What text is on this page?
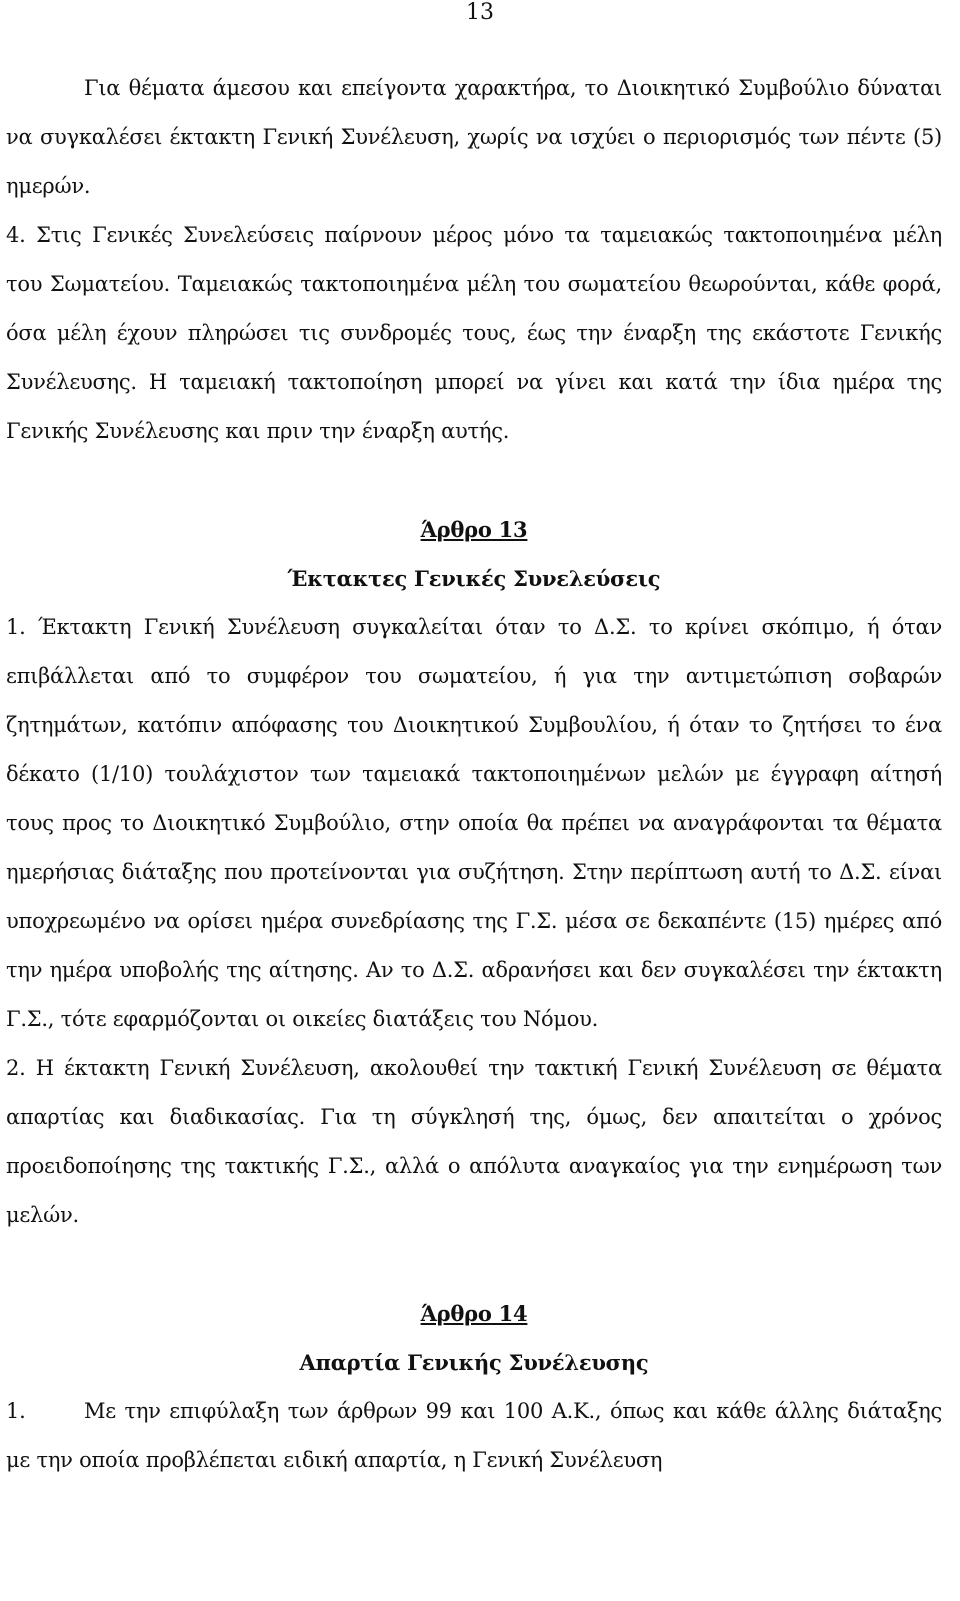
13

Για θέματα άμεσου και επείγοντα χαρακτήρα, το Διοικητικό Συμβούλιο δύναται να συγκαλέσει έκτακτη Γενική Συνέλευση, χωρίς να ισχύει ο περιορισμός των πέντε (5) ημερών.

4. Στις Γενικές Συνελεύσεις παίρνουν μέρος μόνο τα ταμειακώς τακτοποιημένα μέλη του Σωματείου. Ταμειακώς τακτοποιημένα μέλη του σωματείου θεωρούνται, κάθε φορά, όσα μέλη έχουν πληρώσει τις συνδρομές τους, έως την έναρξη της εκάστοτε Γενικής Συνέλευσης. Η ταμειακή τακτοποίηση μπορεί να γίνει και κατά την ίδια ημέρα της Γενικής Συνέλευσης και πριν την έναρξη αυτής.

Άρθρο 13

Έκτακτες Γενικές Συνελεύσεις

1. Έκτακτη Γενική Συνέλευση συγκαλείται όταν το Δ.Σ. το κρίνει σκόπιμο, ή όταν επιβάλλεται από το συμφέρον του σωματείου, ή για την αντιμετώπιση σοβαρών ζητημάτων, κατόπιν απόφασης του Διοικητικού Συμβουλίου, ή όταν το ζητήσει το ένα δέκατο (1/10) τουλάχιστον των ταμειακά τακτοποιημένων μελών με έγγραφη αίτησή τους προς το Διοικητικό Συμβούλιο, στην οποία θα πρέπει να αναγράφονται τα θέματα ημερήσιας διάταξης που προτείνονται για συζήτηση. Στην περίπτωση αυτή το Δ.Σ. είναι υποχρεωμένο να ορίσει ημέρα συνεδρίασης της Γ.Σ. μέσα σε δεκαπέντε (15) ημέρες από την ημέρα υποβολής της αίτησης. Αν το Δ.Σ. αδρανήσει και δεν συγκαλέσει την έκτακτη Γ.Σ., τότε εφαρμόζονται οι οικείες διατάξεις του Νόμου.

2. Η έκτακτη Γενική Συνέλευση, ακολουθεί την τακτική Γενική Συνέλευση σε θέματα απαρτίας και διαδικασίας. Για τη σύγκλησή της, όμως, δεν απαιτείται ο χρόνος προειδοποίησης της τακτικής Γ.Σ., αλλά ο απόλυτα αναγκαίος για την ενημέρωση των μελών.

Άρθρο 14

Απαρτία Γενικής Συνέλευσης

1.	Με την επιφύλαξη των άρθρων 99 και 100 Α.Κ., όπως και κάθε άλλης διάταξης με την οποία προβλέπεται ειδική απαρτία, η Γενική Συνέλευση
